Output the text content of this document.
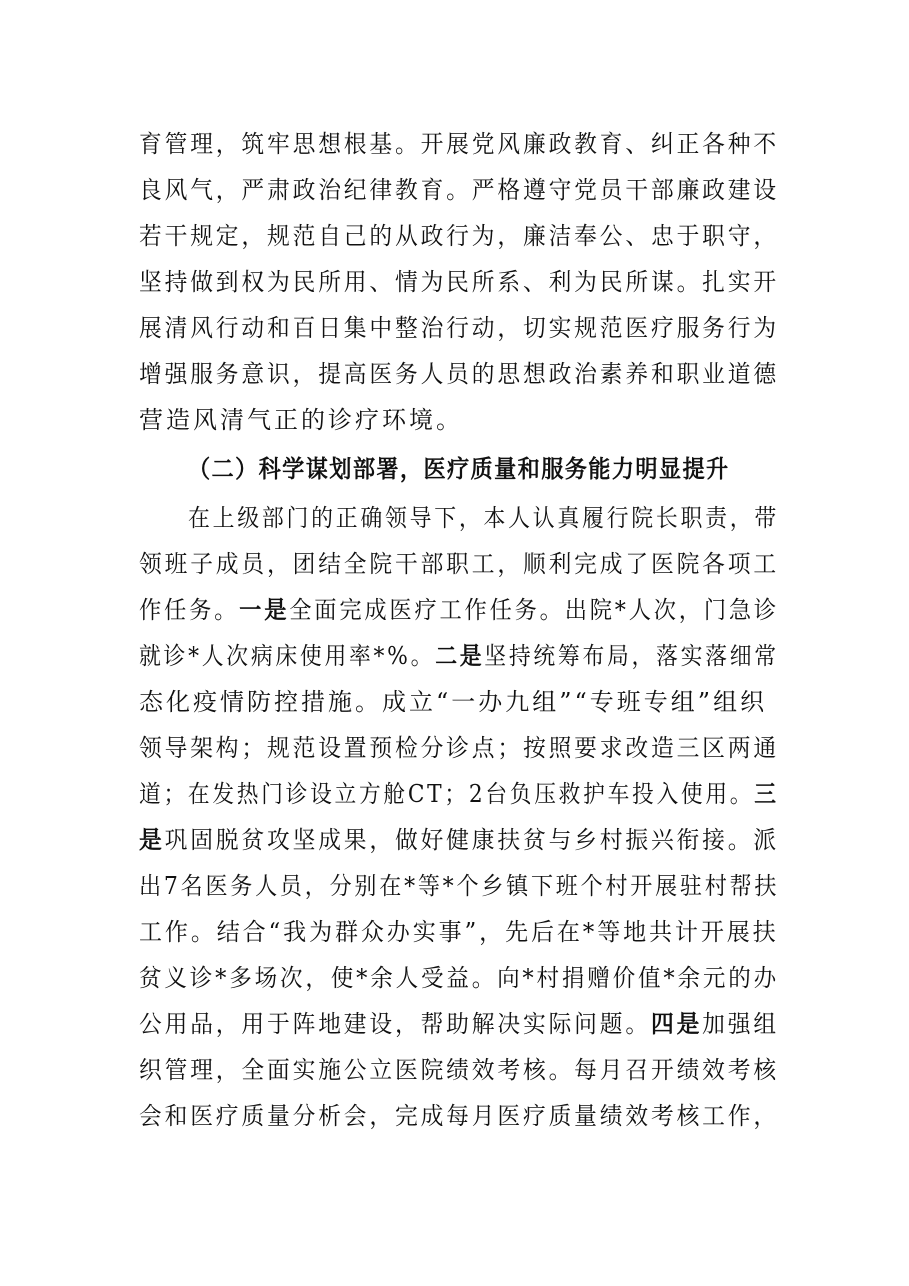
育管理，筑牢思想根基。开展党风廉政教育、纠正各种不
良风气，严肃政治纪律教育。严格遵守党员干部廉政建设
若干规定，规范自己的从政行为，廉洁奉公、忠于职守，
坚持做到权为民所用、情为民所系、利为民所谋。扎实开
展清风行动和百日集中整治行动，切实规范医疗服务行为
增强服务意识，提高医务人员的思想政治素养和职业道德
营造风清气正的诊疗环境。
（二）科学谋划部署，医疗质量和服务能力明显提升
在上级部门的正确领导下，本人认真履行院长职责，带
领班子成员，团结全院干部职工，顺利完成了医院各项工
作任务。一是全面完成医疗工作任务。出院*人次，门急诊
就诊*人次病床使用率*%。二是坚持统筹布局，落实落细常
态化疫情防控措施。成立“一办九组”“专班专组”组织
领导架构；规范设置预检分诊点；按照要求改造三区两通
道；在发热门诊设立方舱CT；2台负压救护车投入使用。三
是巩固脱贫攻坚成果，做好健康扶贫与乡村振兴衔接。派
出7名医务人员，分别在*等*个乡镇下班个村开展驻村帮扶
工作。结合“我为群众办实事”，先后在*等地共计开展扶
贫义诊*多场次，使*余人受益。向*村捐赠价值*余元的办
公用品，用于阵地建设，帮助解决实际问题。四是加强组
织管理，全面实施公立医院绩效考核。每月召开绩效考核
会和医疗质量分析会，完成每月医疗质量绩效考核工作，
